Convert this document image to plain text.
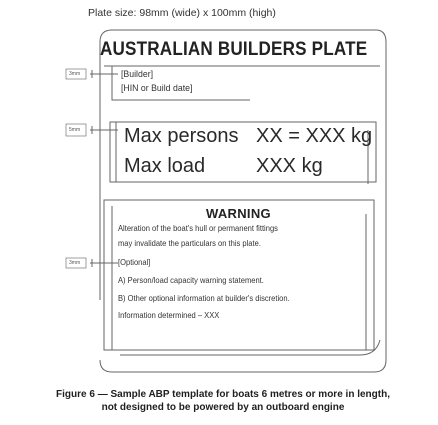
Plate size: 98mm (wide) x 100mm (high)
AUSTRALIAN BUILDERS PLATE
3mm
5mm
3mm
[Builder]
[HIN or Build date]
Max persons XX = XXX kg
Max load	XXX kg
WARNING
Alteration of the boat's hull or permanent fittings
may invalidate the particulars on this plate.
[Optional]
A) Person/load capacity warning statement.
B) Other optional information at builder's discretion.
Information determined – XXX
Figure 6 — Sample ABP template for boats 6 metres or more in length,
not designed to be powered by an outboard engine
